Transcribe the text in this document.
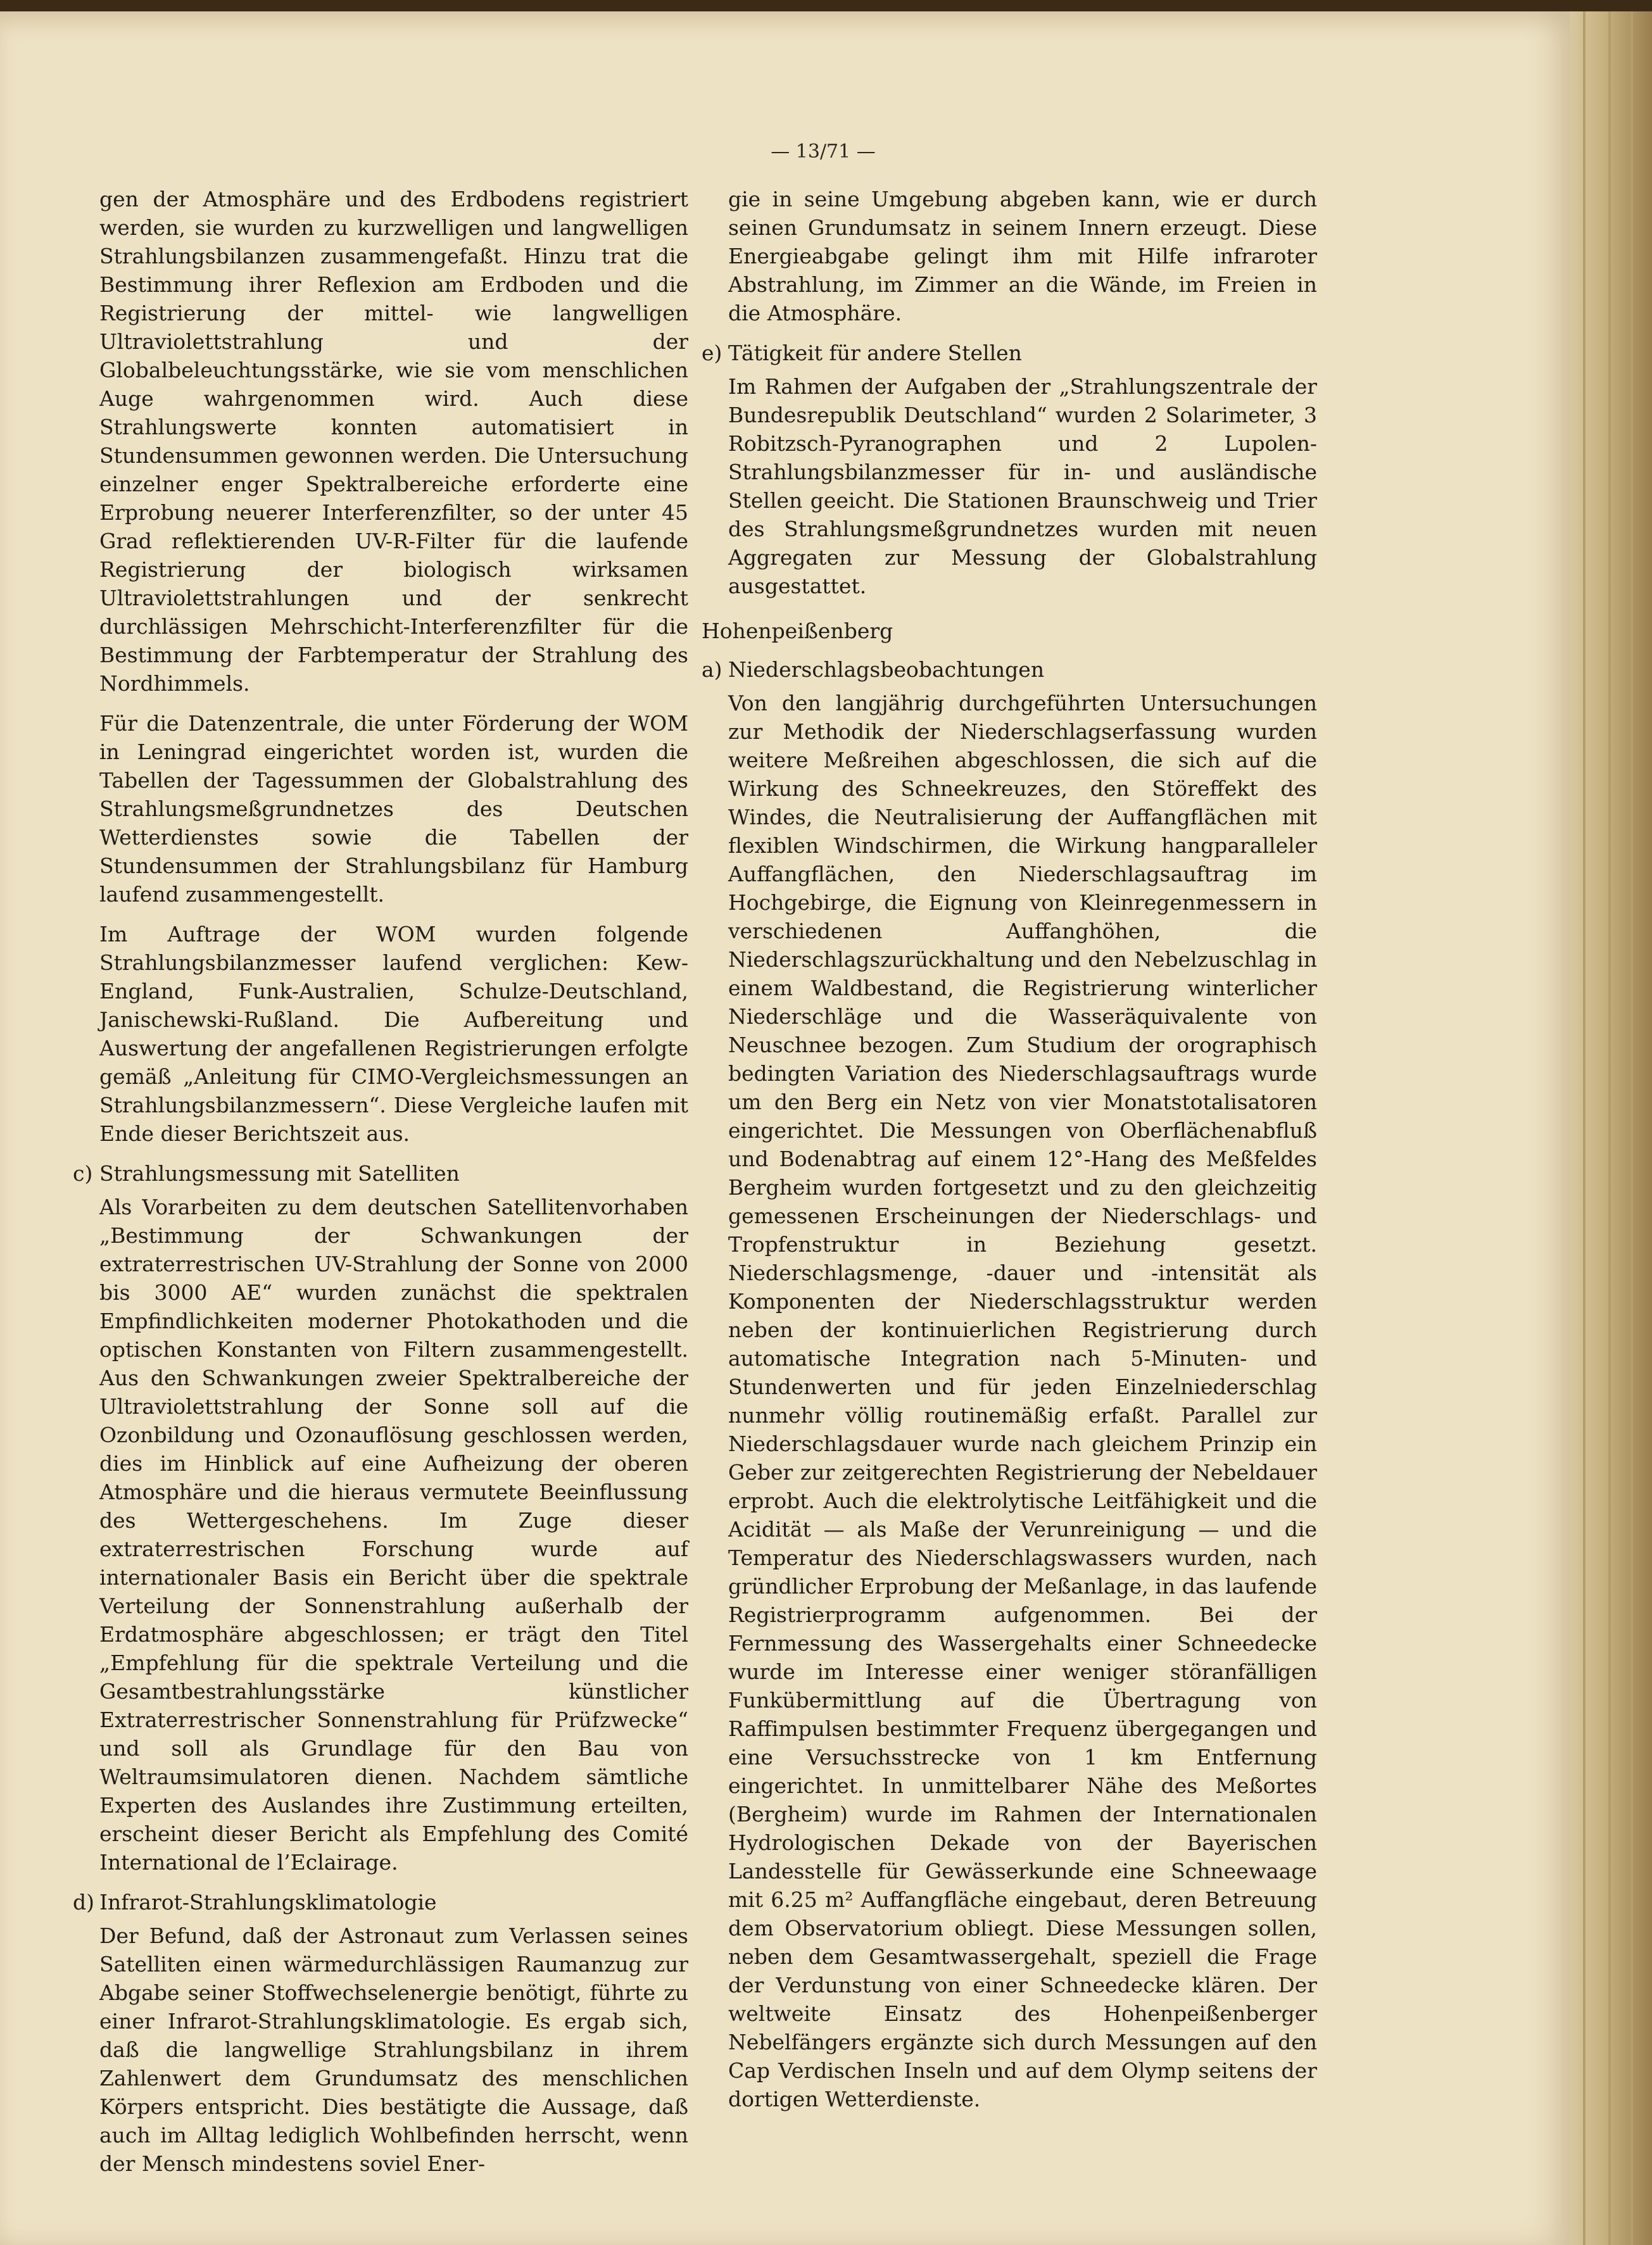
— 13/71 —

gen der Atmosphäre und des Erdbodens registriert werden, sie wurden zu kurzwelligen und langwelligen Strahlungsbilanzen zusammengefaßt. Hinzu trat die Bestimmung ihrer Reflexion am Erdboden und die Registrierung der mittel- wie langwelligen Ultraviolettstrahlung und der Globalbeleuchtungsstärke, wie sie vom menschlichen Auge wahrgenommen wird. Auch diese Strahlungswerte konnten automatisiert in Stundensummen gewonnen werden. Die Untersuchung einzelner enger Spektralbereiche erforderte eine Erprobung neuerer Interferenzfilter, so der unter 45 Grad reflektierenden UV-R-Filter für die laufende Registrierung der biologisch wirksamen Ultraviolettstrahlungen und der senkrecht durchlässigen Mehrschicht-Interferenzfilter für die Bestimmung der Farbtemperatur der Strahlung des Nordhimmels.

Für die Datenzentrale, die unter Förderung der WOM in Leningrad eingerichtet worden ist, wurden die Tabellen der Tagessummen der Globalstrahlung des Strahlungsmeßgrundnetzes des Deutschen Wetterdienstes sowie die Tabellen der Stundensummen der Strahlungsbilanz für Hamburg laufend zusammengestellt.

Im Auftrage der WOM wurden folgende Strahlungsbilanzmesser laufend verglichen: Kew-England, Funk-Australien, Schulze-Deutschland, Janischewski-Rußland. Die Aufbereitung und Auswertung der angefallenen Registrierungen erfolgte gemäß „Anleitung für CIMO-Vergleichsmessungen an Strahlungsbilanzmessern“. Diese Vergleiche laufen mit Ende dieser Berichtszeit aus.

c) Strahlungsmessung mit Satelliten

Als Vorarbeiten zu dem deutschen Satellitenvorhaben „Bestimmung der Schwankungen der extraterrestrischen UV-Strahlung der Sonne von 2000 bis 3000 AE“ wurden zunächst die spektralen Empfindlichkeiten moderner Photokathoden und die optischen Konstanten von Filtern zusammengestellt. Aus den Schwankungen zweier Spektralbereiche der Ultraviolettstrahlung der Sonne soll auf die Ozonbildung und Ozonauflösung geschlossen werden, dies im Hinblick auf eine Aufheizung der oberen Atmosphäre und die hieraus vermutete Beeinflussung des Wettergeschehens. Im Zuge dieser extraterrestrischen Forschung wurde auf internationaler Basis ein Bericht über die spektrale Verteilung der Sonnenstrahlung außerhalb der Erdatmosphäre abgeschlossen; er trägt den Titel „Empfehlung für die spektrale Verteilung und die Gesamtbestrahlungsstärke künstlicher Extraterrestrischer Sonnenstrahlung für Prüfzwecke“ und soll als Grundlage für den Bau von Weltraumsimulatoren dienen. Nachdem sämtliche Experten des Auslandes ihre Zustimmung erteilten, erscheint dieser Bericht als Empfehlung des Comité International de l’Eclairage.

d) Infrarot-Strahlungsklimatologie

Der Befund, daß der Astronaut zum Verlassen seines Satelliten einen wärmedurchlässigen Raumanzug zur Abgabe seiner Stoffwechselenergie benötigt, führte zu einer Infrarot-Strahlungsklimatologie. Es ergab sich, daß die langwellige Strahlungsbilanz in ihrem Zahlenwert dem Grundumsatz des menschlichen Körpers entspricht. Dies bestätigte die Aussage, daß auch im Alltag lediglich Wohlbefinden herrscht, wenn der Mensch mindestens soviel Ener-

gie in seine Umgebung abgeben kann, wie er durch seinen Grundumsatz in seinem Innern erzeugt. Diese Energieabgabe gelingt ihm mit Hilfe infraroter Abstrahlung, im Zimmer an die Wände, im Freien in die Atmosphäre.

e) Tätigkeit für andere Stellen

Im Rahmen der Aufgaben der „Strahlungszentrale der Bundesrepublik Deutschland“ wurden 2 Solarimeter, 3 Robitzsch-Pyranographen und 2 Lupolen-Strahlungsbilanzmesser für in- und ausländische Stellen geeicht. Die Stationen Braunschweig und Trier des Strahlungsmeßgrundnetzes wurden mit neuen Aggregaten zur Messung der Globalstrahlung ausgestattet.

Hohenpeißenberg
a) Niederschlagsbeobachtungen

Von den langjährig durchgeführten Untersuchungen zur Methodik der Niederschlagserfassung wurden weitere Meßreihen abgeschlossen, die sich auf die Wirkung des Schneekreuzes, den Störeffekt des Windes, die Neutralisierung der Auffangflächen mit flexiblen Windschirmen, die Wirkung hangparalleler Auffangflächen, den Niederschlagsauftrag im Hochgebirge, die Eignung von Kleinregenmessern in verschiedenen Auffanghöhen, die Niederschlagszurückhaltung und den Nebelzuschlag in einem Waldbestand, die Registrierung winterlicher Niederschläge und die Wasseräquivalente von Neuschnee bezogen. Zum Studium der orographisch bedingten Variation des Niederschlagsauftrags wurde um den Berg ein Netz von vier Monatstotalisatoren eingerichtet. Die Messungen von Oberflächenabfluß und Bodenabtrag auf einem 12°-Hang des Meßfeldes Bergheim wurden fortgesetzt und zu den gleichzeitig gemessenen Erscheinungen der Niederschlags- und Tropfenstruktur in Beziehung gesetzt. Niederschlagsmenge, -dauer und -intensität als Komponenten der Niederschlagsstruktur werden neben der kontinuierlichen Registrierung durch automatische Integration nach 5-Minuten- und Stundenwerten und für jeden Einzelniederschlag nunmehr völlig routinemäßig erfaßt. Parallel zur Niederschlagsdauer wurde nach gleichem Prinzip ein Geber zur zeitgerechten Registrierung der Nebeldauer erprobt. Auch die elektrolytische Leitfähigkeit und die Acidität — als Maße der Verunreinigung — und die Temperatur des Niederschlagswassers wurden, nach gründlicher Erprobung der Meßanlage, in das laufende Registrierprogramm aufgenommen. Bei der Fernmessung des Wassergehalts einer Schneedecke wurde im Interesse einer weniger störanfälligen Funkübermittlung auf die Übertragung von Raffimpulsen bestimmter Frequenz übergegangen und eine Versuchsstrecke von 1 km Entfernung eingerichtet. In unmittelbarer Nähe des Meßortes (Bergheim) wurde im Rahmen der Internationalen Hydrologischen Dekade von der Bayerischen Landesstelle für Gewässerkunde eine Schneewaage mit 6.25 m² Auffangfläche eingebaut, deren Betreuung dem Observatorium obliegt. Diese Messungen sollen, neben dem Gesamtwassergehalt, speziell die Frage der Verdunstung von einer Schneedecke klären. Der weltweite Einsatz des Hohenpeißenberger Nebelfängers ergänzte sich durch Messungen auf den Cap Verdischen Inseln und auf dem Olymp seitens der dortigen Wetterdienste.
